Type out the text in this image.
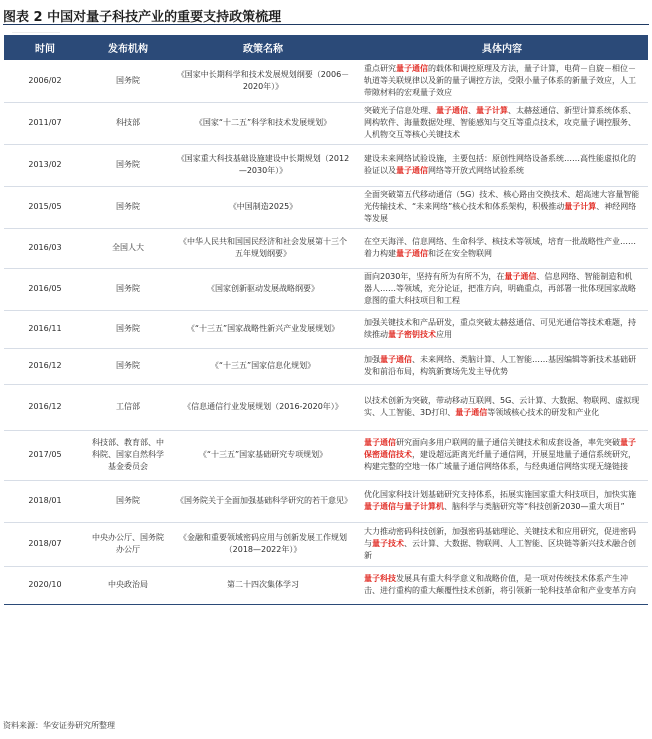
图表 2 中国对量子科技产业的重要支持政策梳理
……………………
时间	发布机构	政策名称	具体内容
2006/02	国务院	《国家中长期科学和技术发展规划纲要（2006－2020年）》	重点研究量子通信的载体和调控原理及方法，量子计算，电荷－自旋－相位－轨道等关联规律以及新的量子调控方法，受限小量子体系的新量子效应，人工带隙材料的宏观量子效应
2011/07	科技部	《国家“十二五”科学和技术发展规划》	突破光子信息处理、量子通信、量子计算、太赫兹通信、新型计算系统体系、网构软件、海量数据处理、智能感知与交互等重点技术，攻克量子调控服务、人机物交互等核心关键技术
2013/02	国务院	《国家重大科技基础设施建设中长期规划（2012—2030年）》	建设未来网络试验设施，主要包括：原创性网络设备系统……高性能虚拟化的验证以及量子通信网络等开放式网络试验系统
2015/05	国务院	《中国制造2025》	全面突破第五代移动通信（5G）技术、核心路由交换技术、超高速大容量智能光传输技术、“未来网络”核心技术和体系架构，积极推动量子计算、神经网络等发展
2016/03	全国人大	《中华人民共和国国民经济和社会发展第十三个五年规划纲要》	在空天海洋、信息网络、生命科学、核技术等领域，培育一批战略性产业……着力构建量子通信和泛在安全物联网
2016/05	国务院	《国家创新驱动发展战略纲要》	面向2030年，坚持有所为有所不为，在量子通信、信息网络、智能制造和机器人……等领域，充分论证，把准方向，明确重点，再部署一批体现国家战略意图的重大科技项目和工程
2016/11	国务院	《“十三五”国家战略性新兴产业发展规划》	加强关键技术和产品研发，重点突破太赫兹通信、可见光通信等技术难题，持续推动量子密钥技术应用
2016/12	国务院	《“十三五”国家信息化规划》	加强量子通信、未来网络、类脑计算、人工智能……基因编辑等新技术基础研发和前沿布局，构筑新赛场先发主导优势
2016/12	工信部	《信息通信行业发展规划（2016-2020年）》	以技术创新为突破，带动移动互联网、5G、云计算、大数据、物联网、虚拟现实、人工智能、3D打印、量子通信等领域核心技术的研发和产业化
2017/05	科技部、教育部、中科院、国家自然科学基金委员会	《“十三五”国家基础研究专项规划》	量子通信研究面向多用户联网的量子通信关键技术和成套设备，率先突破量子保密通信技术，建设超远距离光纤量子通信网，开展星地量子通信系统研究，构建完整的空地一体广域量子通信网络体系，与经典通信网络实现无缝链接
2018/01	国务院	《国务院关于全面加强基础科学研究的若干意见》	优化国家科技计划基础研究支持体系，拓展实施国家重大科技项目，加快实施量子通信与量子计算机、脑科学与类脑研究等“科技创新2030—重大项目”
2018/07	中央办公厅、国务院办公厅	《金融和重要领域密码应用与创新发展工作规划（2018—2022年）》	大力推动密码科技创新，加强密码基础理论、关键技术和应用研究，促进密码与量子技术、云计算、大数据、物联网、人工智能、区块链等新兴技术融合创新
2020/10	中央政治局	第二十四次集体学习	量子科技发展具有重大科学意义和战略价值，是一项对传统技术体系产生冲击、进行重构的重大颠覆性技术创新，将引领新一轮科技革命和产业变革方向
资料来源：华安证券研究所整理
